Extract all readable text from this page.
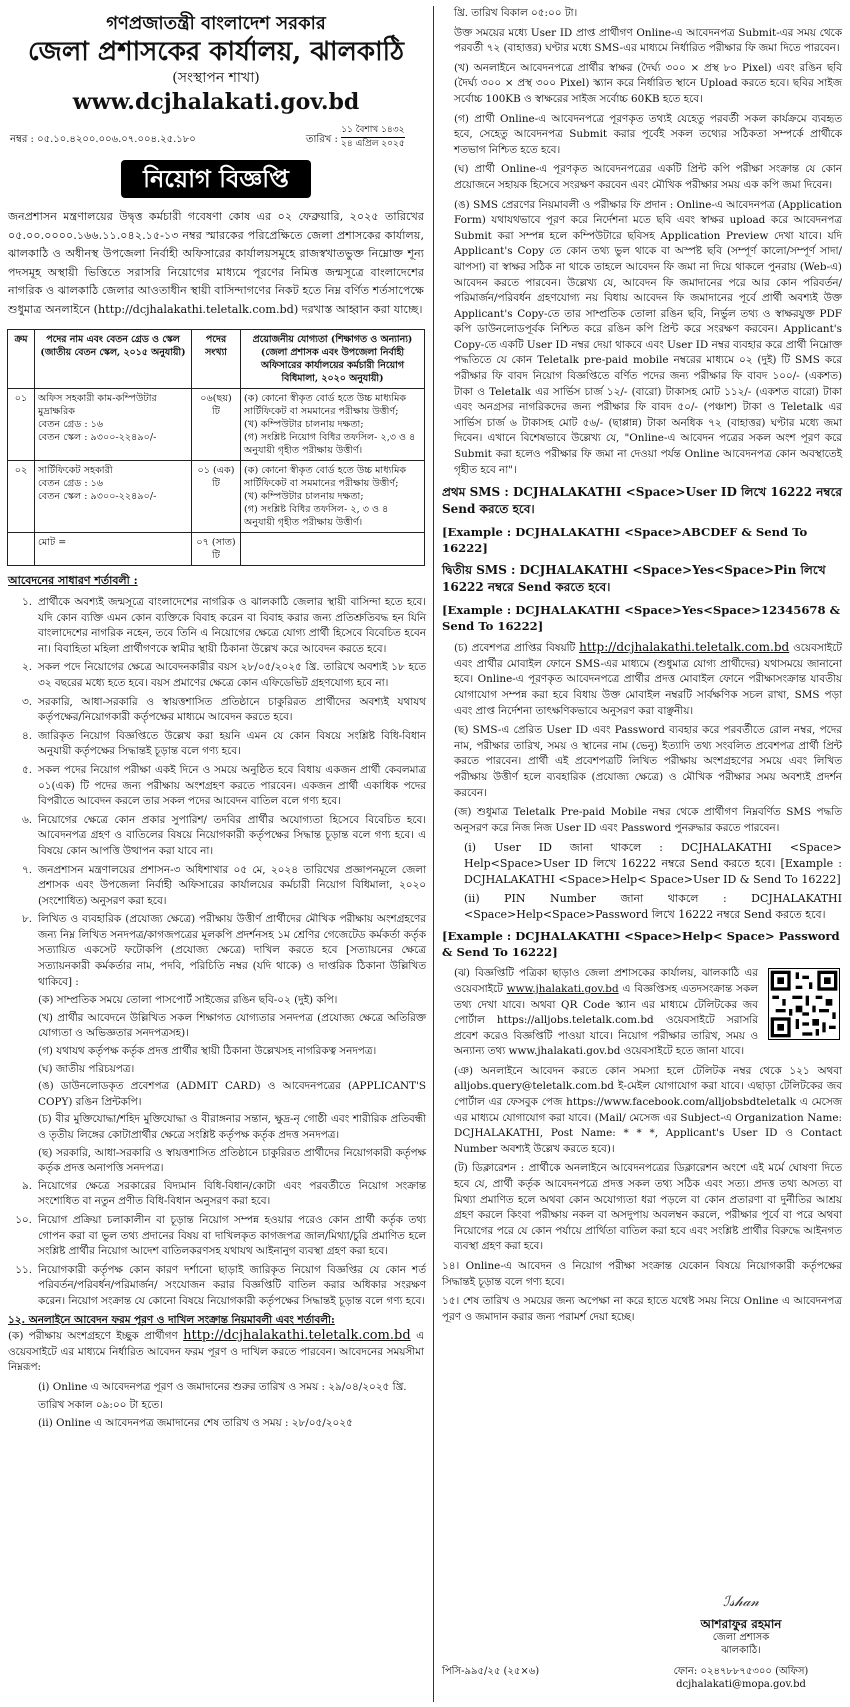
গণপ্রজাতন্ত্রী বাংলাদেশ সরকার
জেলা প্রশাসকের কার্যালয়, ঝালকাঠি
(সংস্থাপন শাখা)
www.dcjhalakati.gov.bd
নম্বর : ০৫.১০.৪২০০.০০৬.০৭.০০৪.২৫.১৮০	তারিখ :
১১ বৈশাখ ১৪৩২
২৪ এপ্রিল ২০২৫
নিয়োগ বিজ্ঞপ্তি
জনপ্রশাসন মন্ত্রণালয়ের উদ্বৃত্ত কর্মচারী গবেষণা কোষ এর ০২ ফেব্রুয়ারি, ২০২৫ তারিখের ০৫.০০.০০০০.১৬৬.১১.০৪২.১৫-১৩ নম্বর স্মারকের পরিপ্রেক্ষিতে জেলা প্রশাসকের কার্যালয়, ঝালকাঠি ও অধীনস্থ উপজেলা নির্বাহী অফিসারের কার্যালয়সমূহে রাজস্বখাতভুক্ত নিম্নোক্ত শূন্য পদসমূহ অস্থায়ী ভিত্তিতে সরাসরি নিয়োগের মাধ্যমে পূরণের নিমিত্ত জন্মসূত্রে বাংলাদেশের নাগরিক ও ঝালকাঠি জেলার আওতাধীন স্থায়ী বাসিন্দাগণের নিকট হতে নিম্ন বর্ণিত শর্তসাপেক্ষে শুধুমাত্র অনলাইনে (http://dcjhalakathi.teletalk.com.bd) দরখাস্ত আহ্বান করা যাচ্ছে।
ক্রম	পদের নাম এবং বেতন গ্রেড ও স্কেল (জাতীয় বেতন স্কেল, ২০১৫ অনুযায়ী)	পদের সংখ্যা	প্রয়োজনীয় যোগ্যতা (শিক্ষাগত ও অন্যান্য) (জেলা প্রশাসক এবং উপজেলা নির্বাহী অফিসারের কার্যালয়ের কর্মচারী নিয়োগ বিধিমালা, ২০২০ অনুযায়ী)
০১	অফিস সহকারী কাম-কম্পিউটার মুদ্রাক্ষরিক
বেতন গ্রেড : ১৬
বেতন স্কেল : ৯৩০০-২২৪৯০/-	০৬(ছয়) টি	(ক) কোনো স্বীকৃত বোর্ড হতে উচ্চ মাধ্যমিক সার্টিফিকেট বা সমমানের পরীক্ষায় উত্তীর্ণ;
(খ) কম্পিউটার চালনায় দক্ষতা;
(গ) সংশ্লিষ্ট নিয়োগ বিধির তফসিল- ২,৩ ও ৪ অনুযায়ী গৃহীত পরীক্ষায় উত্তীর্ণ।
০২	সার্টিফিকেট সহকারী
বেতন গ্রেড : ১৬
বেতন স্কেল : ৯৩০০-২২৪৯০/-	০১ (এক) টি	(ক) কোনো স্বীকৃত বোর্ড হতে উচ্চ মাধ্যমিক সার্টিফিকেট বা সমমানের পরীক্ষায় উত্তীর্ণ;
(খ) কম্পিউটার চালনায় দক্ষতা;
(গ) সংশ্লিষ্ট বিধির তফসিল- ২, ৩ ও ৪ অনুযায়ী গৃহীত পরীক্ষায় উত্তীর্ণ।
	মোট =	০৭ (সাত) টি	
আবেদনের সাধারণ শর্তাবলী :
১. প্রার্থীকে অবশ্যই জন্মসূত্রে বাংলাদেশের নাগরিক ও ঝালকাঠি জেলার স্থায়ী বাসিন্দা হতে হবে। যদি কোন ব্যক্তি এমন কোন ব্যক্তিকে বিবাহ করেন বা বিবাহ করার জন্য প্রতিশ্রুতিবদ্ধ হন যিনি বাংলাদেশের নাগরিক নহেন, তবে তিনি এ নিয়োগের ক্ষেত্রে যোগ্য প্রার্থী হিসেবে বিবেচিত হবেন না। বিবাহিতা মহিলা প্রার্থীগণকে স্বামীর স্থায়ী ঠিকানা উল্লেখ করে আবেদন করতে হবে।
২. সকল পদে নিয়োগের ক্ষেত্রে আবেদনকারীর বয়স ২৮/০৫/২০২৫ খ্রি. তারিখে অবশ্যই ১৮ হতে ৩২ বছরের মধ্যে হতে হবে। বয়স প্রমাণের ক্ষেত্রে কোন এফিডেভিট গ্রহণযোগ্য হবে না।
৩. সরকারি, আধা-সরকারি ও স্বায়ত্তশাসিত প্রতিষ্ঠানে চাকুরিরত প্রার্থীদের অবশ্যই যথাযথ কর্তৃপক্ষের/নিয়োগকারী কর্তৃপক্ষের মাধ্যমে আবেদন করতে হবে।
৪. জারিকৃত নিয়োগ বিজ্ঞপ্তিতে উল্লেখ করা হয়নি এমন যে কোন বিষয়ে সংশ্লিষ্ট বিধি-বিধান অনুযায়ী কর্তৃপক্ষের সিদ্ধান্তই চূড়ান্ত বলে গণ্য হবে।
৫. সকল পদের নিয়োগ পরীক্ষা একই দিনে ও সময়ে অনুষ্ঠিত হবে বিধায় একজন প্রার্থী কেবলমাত্র ০১(এক) টি পদের জন্য পরীক্ষায় অংশগ্রহণ করতে পারবেন। একজন প্রার্থী একাধিক পদের বিপরীতে আবেদন করলে তার সকল পদের আবেদন বাতিল বলে গণ্য হবে।
৬. নিয়োগের ক্ষেত্রে কোন প্রকার সুপারিশ/ তদবির প্রার্থীর অযোগ্যতা হিসেবে বিবেচিত হবে। আবেদনপত্র গ্রহণ ও বাতিলের বিষয়ে নিয়োগকারী কর্তৃপক্ষের সিদ্ধান্ত চূড়ান্ত বলে গণ্য হবে। এ বিষয়ে কোন আপত্তি উত্থাপন করা যাবে না।
৭. জনপ্রশাসন মন্ত্রণালয়ের প্রশাসন-৩ অধিশাখার ০৫ মে, ২০২৪ তারিখের প্রজ্ঞাপনমূলে জেলা প্রশাসক এবং উপজেলা নির্বাহী অফিসারের কার্যালয়ের কর্মচারী নিয়োগ বিধিমালা, ২০২০ (সংশোধিত) অনুসরণ করা হবে।
৮. লিখিত ও ব্যবহারিক (প্রযোজ্য ক্ষেত্রে) পরীক্ষায় উত্তীর্ণ প্রার্থীদের মৌখিক পরীক্ষায় অংশগ্রহণের জন্য নিম্ন লিখিত সনদপত্র/কাগজপত্রের মূলকপি প্রদর্শনসহ ১ম শ্রেণির গেজেটেড কর্মকর্তা কর্তৃক সত্যায়িত একসেট ফটোকপি (প্রযোজ্য ক্ষেত্রে) দাখিল করতে হবে [সত্যায়নের ক্ষেত্রে সত্যায়নকারী কর্মকর্তার নাম, পদবি, পরিচিতি নম্বর (যদি থাকে) ও দাপ্তরিক ঠিকানা উল্লিখিত থাকিবে] :
(ক) সাম্প্রতিক সময়ে তোলা পাসপোর্ট সাইজের রঙিন ছবি-০২ (দুই) কপি।
(খ) প্রার্থীর আবেদনে উল্লিখিত সকল শিক্ষাগত যোগ্যতার সনদপত্র (প্রযোজ্য ক্ষেত্রে অতিরিক্ত যোগ্যতা ও অভিজ্ঞতার সনদপত্রসহ)।
(গ) যথাযথ কর্তৃপক্ষ কর্তৃক প্রদত্ত প্রার্থীর স্থায়ী ঠিকানা উল্লেখসহ নাগরিকত্ব সনদপত্র।
(ঘ) জাতীয় পরিচয়পত্র।
(ঙ) ডাউনলোডকৃত প্রবেশপত্র (ADMIT CARD) ও আবেদনপত্রের (APPLICANT'S COPY) রঙিন প্রিন্টকপি।
(চ) বীর মুক্তিযোদ্ধা/শহিদ মুক্তিযোদ্ধা ও বীরাঙ্গনার সন্তান, ক্ষুদ্র-নৃ গোষ্ঠী এবং শারীরিক প্রতিবন্ধী ও তৃতীয় লিঙ্গের কোটাপ্রার্থীর ক্ষেত্রে সংশ্লিষ্ট কর্তৃপক্ষ কর্তৃক প্রদত্ত সনদপত্র।
(ছ) সরকারি, আধা-সরকারি ও স্বায়ত্তশাসিত প্রতিষ্ঠানে চাকুরিরত প্রার্থীদের নিয়োগকারী কর্তৃপক্ষ কর্তৃক প্রদত্ত অনাপত্তি সনদপত্র।
৯. নিয়োগের ক্ষেত্রে সরকারের বিদ্যমান বিধি-বিধান/কোটা এবং পরবর্তীতে নিয়োগ সংক্রান্ত সংশোধিত বা নতুন প্রণীত বিধি-বিধান অনুসরণ করা হবে।
১০. নিয়োগ প্রক্রিয়া চলাকালীন বা চূড়ান্ত নিয়োগ সম্পন্ন হওয়ার পরেও কোন প্রার্থী কর্তৃক তথ্য গোপন করা বা ভুল তথ্য প্রদানের বিষয় বা দাখিলকৃত কাগজপত্র জাল/মিথ্যা/চুরি প্রমাণিত হলে সংশ্লিষ্ট প্রার্থীর নিয়োগ আদেশ বাতিলকরণসহ যথাযথ আইনানুগ ব্যবস্থা গ্রহণ করা হবে।
১১. নিয়োগকারী কর্তৃপক্ষ কোন কারণ দর্শানো ছাড়াই জারিকৃত নিয়োগ বিজ্ঞপ্তির যে কোন শর্ত পরিবর্তন/পরিবর্ধন/পরিমার্জন/ সংযোজন করার বিজ্ঞপ্তিটি বাতিল করার অধিকার সংরক্ষণ করেন। নিয়োগ সংক্রান্ত যে কোনো বিষয়ে নিয়োগকারী কর্তৃপক্ষের সিদ্ধান্তই চূড়ান্ত বলে গণ্য হবে।
১২. অনলাইনে আবেদন ফরম পূরণ ও দাখিল সংক্রান্ত নিয়মাবলী এবং শর্তাবলী:
(ক) পরীক্ষায় অংশগ্রহণে ইচ্ছুক প্রার্থীগণ http://dcjhalakathi.teletalk.com.bd এ ওয়েবসাইটে এর মাধ্যমে নির্ধারিত আবেদন ফরম পূরণ ও দাখিল করতে পারবেন। আবেদনের সময়সীমা নিম্নরূপ:
(i) Online এ আবেদনপত্র পূরণ ও জমাদানের শুরুর তারিখ ও সময় : ২৯/০৪/২০২৫ খ্রি. তারিখ সকাল ০৯:০০ টা হতে।
(ii) Online এ আবেদনপত্র জমাদানের শেষ তারিখ ও সময় : ২৮/০৫/২০২৫
খ্রি. তারিখ বিকাল ০৫:০০ টা।
উক্ত সময়ের মধ্যে User ID প্রাপ্ত প্রার্থীগণ Online-এ আবেদনপত্র Submit-এর সময় থেকে পরবর্তী ৭২ (বাহাত্তর) ঘণ্টার মধ্যে SMS-এর মাধ্যমে নির্ধারিত পরীক্ষার ফি জমা দিতে পারবেন।
(খ) অনলাইনে আবেদনপত্রে প্রার্থীর স্বাক্ষর (দৈর্ঘ্য ৩০০ × প্রস্থ ৮০ Pixel) এবং রঙিন ছবি (দৈর্ঘ্য ৩০০ × প্রস্থ ৩০০ Pixel) স্ক্যান করে নির্ধারিত স্থানে Upload করতে হবে। ছবির সাইজ সর্বোচ্চ 100KB ও স্বাক্ষরের সাইজ সর্বোচ্চ 60KB হতে হবে।
(গ) প্রার্থী Online-এ আবেদনপত্রে পূরণকৃত তথ্যই যেহেতু পরবর্তী সকল কার্যক্রমে ব্যবহৃত হবে, সেহেতু আবেদনপত্র Submit করার পূর্বেই সকল তথ্যের সঠিকতা সম্পর্কে প্রার্থীকে শতভাগ নিশ্চিত হতে হবে।
(ঘ) প্রার্থী Online-এ পূরণকৃত আবেদনপত্রের একটি প্রিন্ট কপি পরীক্ষা সংক্রান্ত যে কোন প্রয়োজনে সহায়ক হিসেবে সংরক্ষণ করবেন এবং মৌখিক পরীক্ষার সময় এক কপি জমা দিবেন।
(ঙ) SMS প্রেরণের নিয়মাবলী ও পরীক্ষার ফি প্রদান : Online-এ আবেদনপত্র (Application Form) যথাযথভাবে পূরণ করে নির্দেশনা মতে ছবি এবং স্বাক্ষর upload করে আবেদনপত্র Submit করা সম্পন্ন হলে কম্পিউটারে ছবিসহ Application Preview দেখা যাবে। যদি Applicant's Copy তে কোন তথ্য ভুল থাকে বা অস্পষ্ট ছবি (সম্পূর্ণ কালো/সম্পূর্ণ সাদা/ঝাপসা) বা স্বাক্ষর সঠিক না থাকে তাহলে আবেদন ফি জমা না দিয়ে থাকলে পুনরায় (Web-এ) আবেদন করতে পারবেন। উল্লেখ্য যে, আবেদন ফি জমাদানের পরে আর কোন পরিবর্তন/পরিমার্জন/পরিবর্ধন গ্রহণযোগ্য নয় বিধায় আবেদন ফি জমাদানের পূর্বে প্রার্থী অবশ্যই উক্ত Applicant's Copy-তে তার সাম্প্রতিক তোলা রঙিন ছবি, নির্ভুল তথ্য ও স্বাক্ষরযুক্ত PDF কপি ডাউনলোডপূর্বক নিশ্চিত করে রঙিন কপি প্রিন্ট করে সংরক্ষণ করবেন। Applicant's Copy-তে একটি User ID নম্বর দেয়া থাকবে এবং User ID নম্বর ব্যবহার করে প্রার্থী নিম্নোক্ত পদ্ধতিতে যে কোন Teletalk pre-paid mobile নম্বরের মাধ্যমে ০২ (দুই) টি SMS করে পরীক্ষার ফি বাবদ নিয়োগ বিজ্ঞপ্তিতে বর্ণিত পদের জন্য পরীক্ষার ফি বাবদ ১০০/- (একশত) টাকা ও Teletalk এর সার্ভিস চার্জ ১২/- (বারো) টাকাসহ মোট ১১২/- (একশত বারো) টাকা এবং অনগ্রসর নাগরিকদের জন্য পরীক্ষার ফি বাবদ ৫০/- (পঞ্চাশ) টাকা ও Teletalk এর সার্ভিস চার্জ ৬ টাকাসহ মোট ৫৬/- (ছাপ্পান্ন) টাকা অনধিক ৭২ (বাহাত্তর) ঘণ্টার মধ্যে জমা দিবেন। এখানে বিশেষভাবে উল্লেখ্য যে, "Online-এ আবেদন পত্রের সকল অংশ পূরণ করে Submit করা হলেও পরীক্ষার ফি জমা না দেওয়া পর্যন্ত Online আবেদনপত্র কোন অবস্থাতেই গৃহীত হবে না"।
প্রথম SMS : DCJHALAKATHI <Space>User ID লিখে 16222 নম্বরে Send করতে হবে।
[Example : DCJHALAKATHI <Space>ABCDEF & Send To 16222]
দ্বিতীয় SMS : DCJHALAKATHI <Space>Yes<Space>Pin লিখে 16222 নম্বরে Send করতে হবে।
[Example : DCJHALAKATHI <Space>Yes<Space>12345678 & Send To 16222]
(চ) প্রবেশপত্র প্রাপ্তির বিষয়টি http://dcjhalakathi.teletalk.com.bd ওয়েবসাইটে এবং প্রার্থীর মোবাইল ফোনে SMS-এর মাধ্যমে (শুধুমাত্র যোগ্য প্রার্থীদের) যথাসময়ে জানানো হবে। Online-এ পূরণকৃত আবেদনপত্রে প্রার্থীর প্রদত্ত মোবাইল ফোনে পরীক্ষাসংক্রান্ত যাবতীয় যোগাযোগ সম্পন্ন করা হবে বিধায় উক্ত মোবাইল নম্বরটি সার্বক্ষণিক সচল রাখা, SMS পড়া এবং প্রাপ্ত নির্দেশনা তাৎক্ষণিকভাবে অনুসরণ করা বাঞ্ছনীয়।
(ছ) SMS-এ প্রেরিত User ID এবং Password ব্যবহার করে পরবর্তীতে রোল নম্বর, পদের নাম, পরীক্ষার তারিখ, সময় ও স্থানের নাম (ভেনু) ইত্যাদি তথ্য সংবলিত প্রবেশপত্র প্রার্থী প্রিন্ট করতে পারবেন। প্রার্থী এই প্রবেশপত্রটি লিখিত পরীক্ষায় অংশগ্রহণের সময়ে এবং লিখিত পরীক্ষায় উত্তীর্ণ হলে ব্যবহারিক (প্রযোজ্য ক্ষেত্রে) ও মৌখিক পরীক্ষার সময় অবশ্যই প্রদর্শন করবেন।
(জ) শুধুমাত্র Teletalk Pre-paid Mobile নম্বর থেকে প্রার্থীগণ নিম্নবর্ণিত SMS পদ্ধতি অনুসরণ করে নিজ নিজ User ID এবং Password পুনরুদ্ধার করতে পারবেন।
(i) User ID জানা থাকলে : DCJHALAKATHI <Space> Help<Space>User ID লিখে 16222 নম্বরে Send করতে হবে। [Example : DCJHALAKATHI <Space>Help< Space>User ID & Send To 16222]
(ii) PIN Number জানা থাকলে : DCJHALAKATHI <Space>Help<Space>Password লিখে 16222 নম্বরে Send করতে হবে।
[Example : DCJHALAKATHI <Space>Help< Space> Password & Send To 16222]
(ঝ) বিজ্ঞপ্তিটি পত্রিকা ছাড়াও জেলা প্রশাসকের কার্যালয়, ঝালকাঠি এর ওয়েবসাইটে www.jhalakati.gov.bd এ বিজ্ঞপ্তিসহ এতদসংক্রান্ত সকল তথ্য দেখা যাবে। অথবা QR Code স্ক্যান এর মাধ্যমে টেলিটকের জব পোর্টাল https://alljobs.teletalk.com.bd ওয়েবসাইটে সরাসরি প্রবেশ করেও বিজ্ঞপ্তিটি পাওয়া যাবে। নিয়োগ পরীক্ষার তারিখ, সময় ও অন্যান্য তথ্য www.jhalakati.gov.bd ওয়েবসাইটে হতে জানা যাবে।
(ঞ) অনলাইনে আবেদন করতে কোন সমস্যা হলে টেলিটক নম্বর থেকে ১২১ অথবা alljobs.query@teletalk.com.bd ই-মেইল যোগাযোগ করা যাবে। এছাড়া টেলিটকের জব পোর্টাল এর ফেসবুক পেজ https://www.facebook.com/alljobsbdteletalk এ মেসেজ এর মাধ্যমে যোগাযোগ করা যাবে। (Mail/ মেসেজ এর Subject-এ Organization Name: DCJHALAKATHI, Post Name: * * *, Applicant's User ID ও Contact Number অবশ্যই উল্লেখ করতে হবে)।
(ট) ডিক্লারেশন : প্রার্থীকে অনলাইনে আবেদনপত্রের ডিক্লারেশন অংশে এই মর্মে ঘোষণা দিতে হবে যে, প্রার্থী কর্তৃক আবেদনপত্রে প্রদত্ত সকল তথ্য সঠিক এবং সত্য। প্রদত্ত তথ্য অসত্য বা মিথ্যা প্রমাণিত হলে অথবা কোন অযোগ্যতা ধরা পড়লে বা কোন প্রতারণা বা দুর্নীতির আশ্রয় গ্রহণ করলে কিংবা পরীক্ষায় নকল বা অসদুপায় অবলম্বন করলে, পরীক্ষার পূর্বে বা পরে অথবা নিয়োগের পরে যে কোন পর্যায়ে প্রার্থিতা বাতিল করা হবে এবং সংশ্লিষ্ট প্রার্থীর বিরুদ্ধে আইনগত ব্যবস্থা গ্রহণ করা হবে।
১৪। Online-এ আবেদন ও নিয়োগ পরীক্ষা সংক্রান্ত যেকোন বিষয়ে নিয়োগকারী কর্তৃপক্ষের সিদ্ধান্তই চূড়ান্ত বলে গণ্য হবে।
১৫। শেষ তারিখ ও সময়ের জন্য অপেক্ষা না করে হাতে যথেষ্ট সময় নিয়ে Online এ আবেদনপত্র পূরণ ও জমাদান করার জন্য পরামর্শ দেয়া হচ্ছে।
ℐ𝓈𝒽𝒶𝓃
আশরাফুর রহমান
জেলা প্রশাসক
ঝালকাঠি।
ফোন: ০২৪৭৮৮৭৫৩০০ (অফিস)
dcjhalakati@mopa.gov.bd
পিসি-৯৯৫/২৫ (২৫×৬)
